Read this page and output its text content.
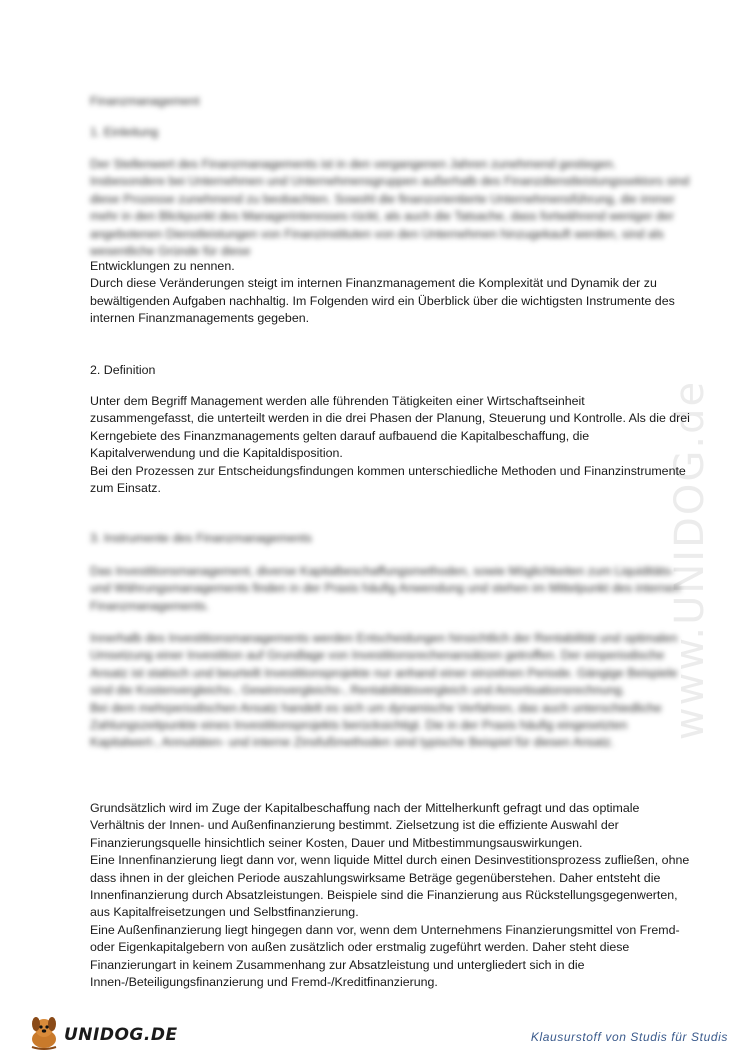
www.UNIDOG.de

Finanzmanagement

1. Einleitung

Der Stellenwert des Finanzmanagements ist in den vergangenen Jahren zunehmend gestiegen. Insbesondere bei Unternehmen und Unternehmensgruppen außerhalb des Finanzdienstleistungssektors sind diese Prozesse zunehmend zu beobachten. Sowohl die finanzorientierte Unternehmensführung, die immer mehr in den Blickpunkt des Managerinteresses rückt, als auch die Tatsache, dass fortwährend weniger der angebotenen Dienstleistungen von Finanzinstituten von den Unternehmen hinzugekauft werden, sind als wesentliche Gründe für diese

Entwicklungen zu nennen.

Durch diese Veränderungen steigt im internen Finanzmanagement die Komplexität und Dynamik der zu bewältigenden Aufgaben nachhaltig. Im Folgenden wird ein Überblick über die wichtigsten Instrumente des internen Finanzmanagements gegeben.

2. Definition

Unter dem Begriff Management werden alle führenden Tätigkeiten einer Wirtschaftseinheit zusammengefasst, die unterteilt werden in die drei Phasen der Planung, Steuerung und Kontrolle. Als die drei Kerngebiete des Finanzmanagements gelten darauf aufbauend die Kapitalbeschaffung, die Kapitalverwendung und die Kapitaldisposition.

Bei den Prozessen zur Entscheidungsfindungen kommen unterschiedliche Methoden und Finanzinstrumente zum Einsatz.

3. Instrumente des Finanzmanagements

Das Investitionsmanagement, diverse Kapitalbeschaffungsmethoden, sowie Möglichkeiten zum Liquiditäts- und Währungsmanagements finden in der Praxis häufig Anwendung und stehen im Mittelpunkt des internen Finanzmanagements.

Innerhalb des Investitionsmanagements werden Entscheidungen hinsichtlich der Rentabilität und optimalen Umsetzung einer Investition auf Grundlage von Investitionsrechenansätzen getroffen. Der einperiodische Ansatz ist statisch und beurteilt Investitionsprojekte nur anhand einer einzelnen Periode. Gängige Beispiele sind die Kostenvergleichs-, Gewinnvergleichs-, Rentabilitätsvergleich und Amortisationsrechnung.

Bei dem mehrperiodischen Ansatz handelt es sich um dynamische Verfahren, das auch unterschiedliche Zahlungszeitpunkte eines Investitionsprojekts berücksichtigt. Die in der Praxis häufig eingesetzten Kapitalwert-, Annuitäten- und interne Zinsfußmethoden sind typische Beispiel für diesen Ansatz.

Grundsätzlich wird im Zuge der Kapitalbeschaffung nach der Mittelherkunft gefragt und das optimale Verhältnis der Innen- und Außenfinanzierung bestimmt. Zielsetzung ist die effiziente Auswahl der Finanzierungsquelle hinsichtlich seiner Kosten, Dauer und Mitbestimmungsauswirkungen.

Eine Innenfinanzierung liegt dann vor, wenn liquide Mittel durch einen Desinvestitionsprozess zufließen, ohne dass ihnen in der gleichen Periode auszahlungswirksame Beträge gegenüberstehen. Daher entsteht die Innenfinanzierung durch Absatzleistungen. Beispiele sind die Finanzierung aus Rückstellungsgegenwerten, aus Kapitalfreisetzungen und Selbstfinanzierung.

Eine Außenfinanzierung liegt hingegen dann vor, wenn dem Unternehmens Finanzierungsmittel von Fremd- oder Eigenkapitalgebern von außen zusätzlich oder erstmalig zugeführt werden. Daher steht diese Finanzierungart in keinem Zusammenhang zur Absatzleistung und untergliedert sich in die Innen-/Beteiligungsfinanzierung und Fremd-/Kreditfinanzierung.

UNIDOG.DE	Klausurstoff von Studis für Studis
